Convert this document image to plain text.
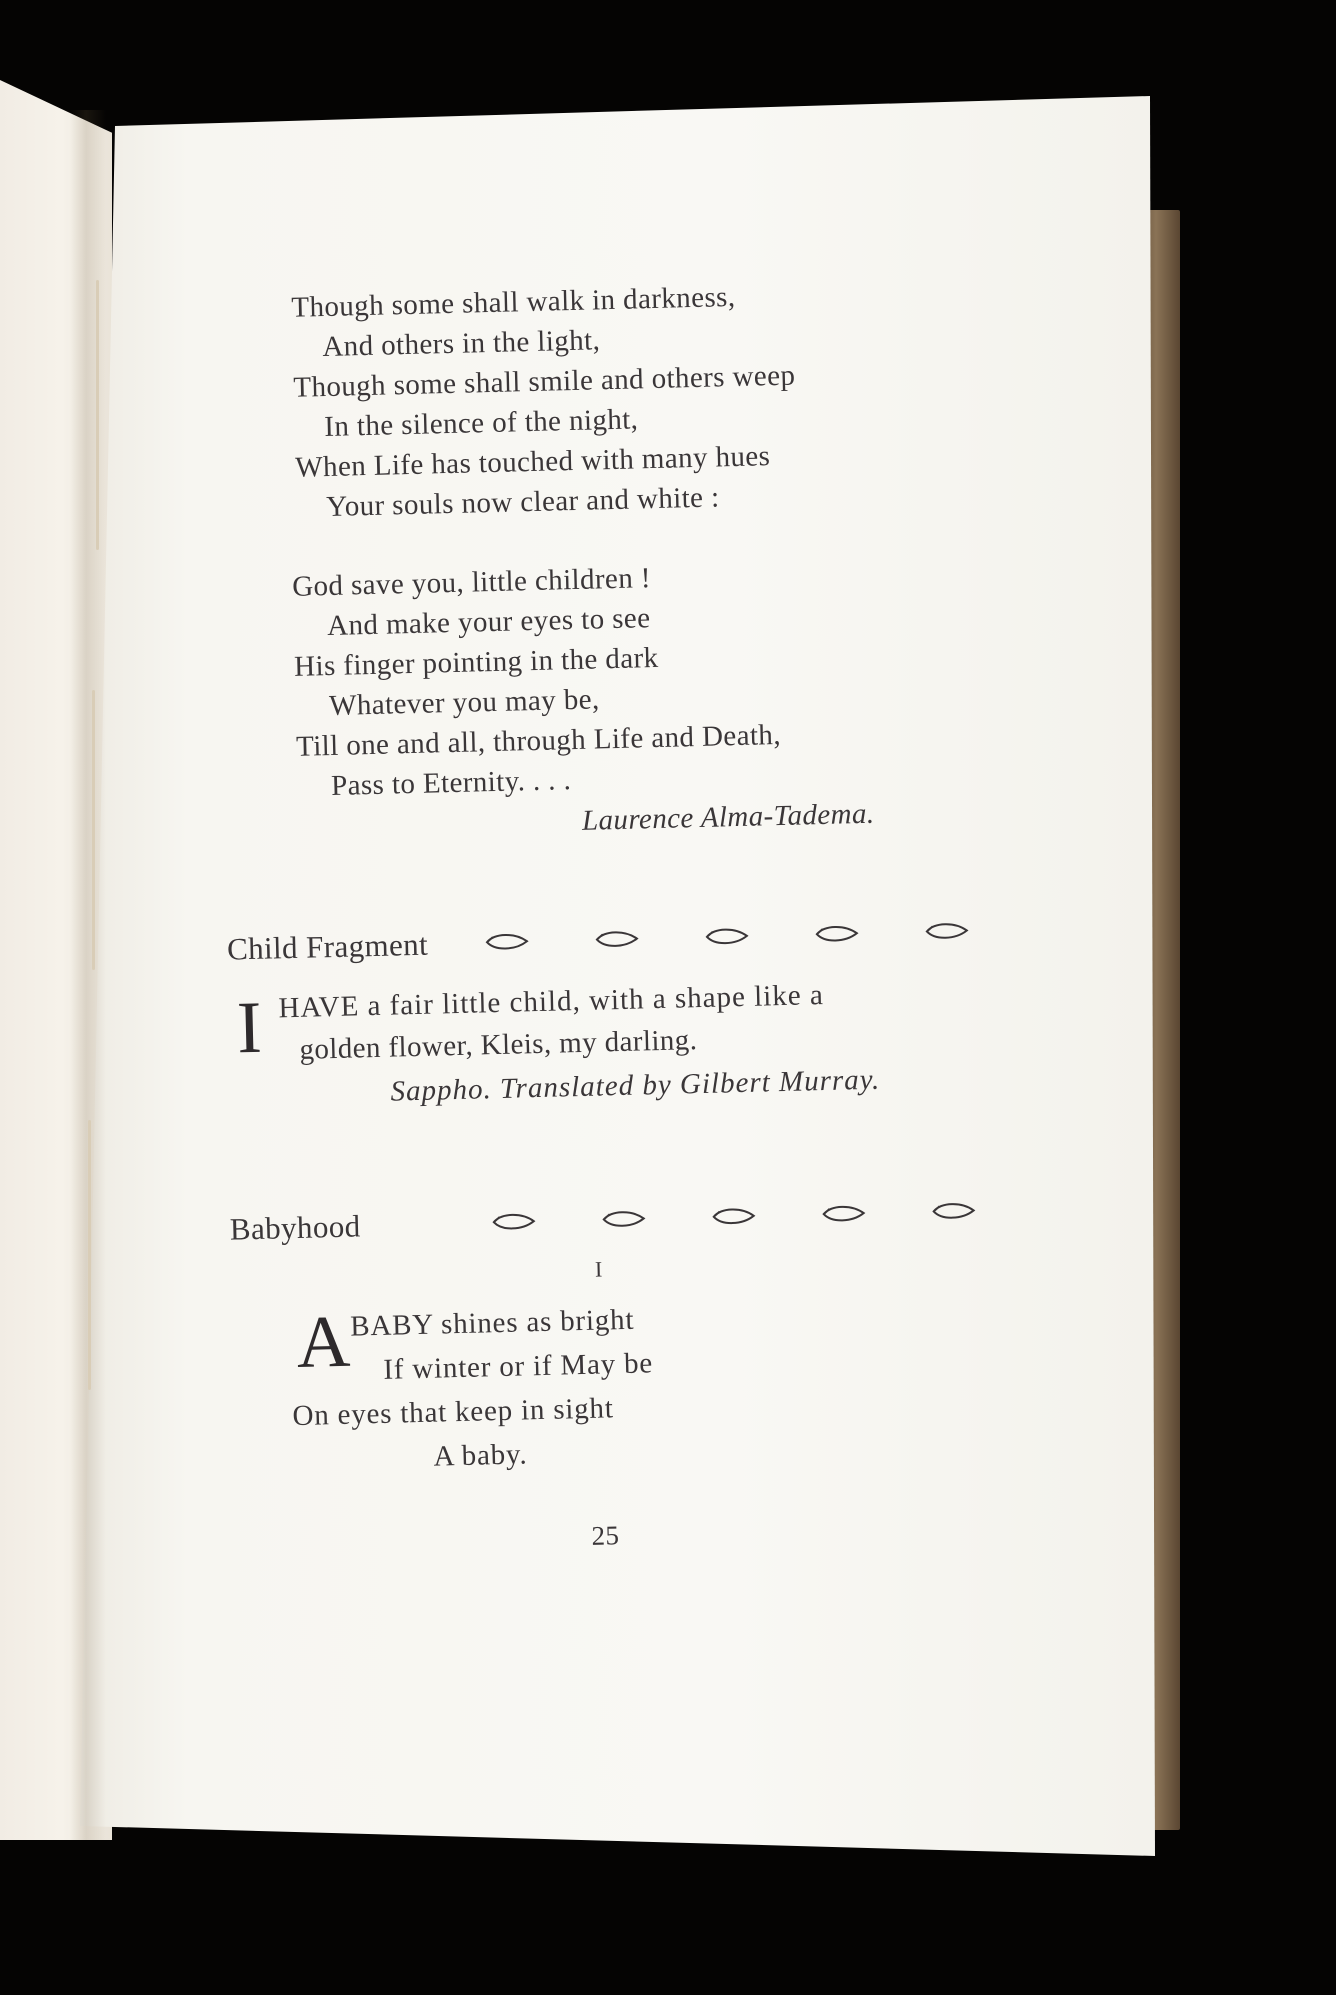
Though some shall walk in darkness,
And others in the light,
Though some shall smile and others weep
In the silence of the night,
When Life has touched with many hues
Your souls now clear and white :
God save you, little children !
And make your eyes to see
His finger pointing in the dark
Whatever you may be,
Till one and all, through Life and Death,
Pass to Eternity. . . .
Laurence Alma-Tadema.
Child Fragment
I HAVE a fair little child, with a shape like a
golden flower, Kleis, my darling.
Sappho. Translated by Gilbert Murray.
Babyhood
I
A
BABY shines as bright
If winter or if May be
On eyes that keep in sight
A baby.
25
